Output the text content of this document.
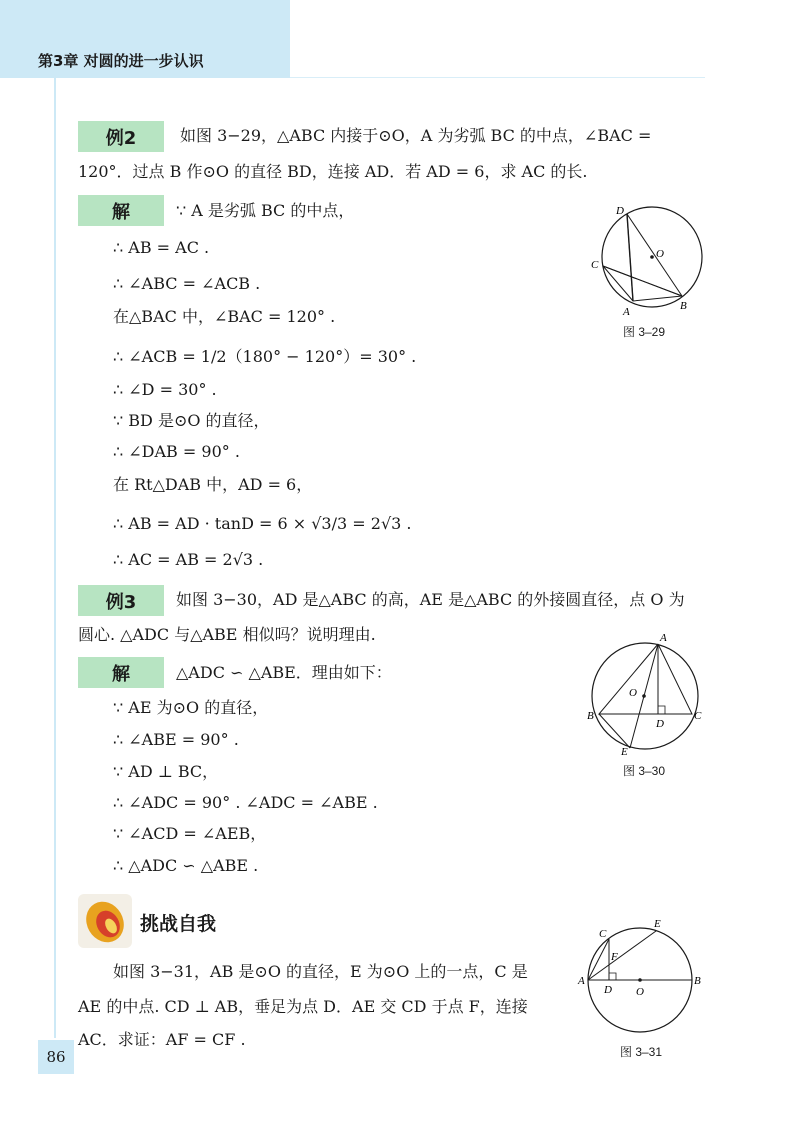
第3章 对圆的进一步认识
例2	如图 3−29，△ABC 内接于⊙O，A 为劣弧 BC 的中点，∠BAC =
120°．过点 B 作⊙O 的直径 BD，连接 AD．若 AD = 6，求 AC 的长.
解	∵ A 是劣弧 BC 的中点，
∴ AB = AC .
∴ ∠ABC = ∠ACB .
在△BAC 中，∠BAC = 120° .
∴ ∠ACB = 1/2（180° − 120°）= 30° .
∴ ∠D = 30° .
∵ BD 是⊙O 的直径，
∴ ∠DAB = 90° .
在 Rt△DAB 中，AD = 6，
∴ AB = AD · tanD = 6 × √3/3 = 2√3 .
∴ AC = AB = 2√3 .
D
C
O
A	B
图 3–29
例3	如图 3−30，AD 是△ABC 的高，AE 是△ABC 的外接圆直径，点 O 为
圆心. △ADC 与△ABE 相似吗？说明理由.
解	△ADC ∽ △ABE．理由如下：
∵ AE 为⊙O 的直径，
∴ ∠ABE = 90° .
∵ AD ⊥ BC，
∴ ∠ADC = 90° . ∠ADC = ∠ABE .
∵ ∠ACD = ∠AEB，
∴ △ADC ∽ △ABE .
A
O
B
D
C
E
图 3–30
挑战自我
如图 3−31，AB 是⊙O 的直径，E 为⊙O 上的一点，C 是
AE 的中点. CD ⊥ AB，垂足为点 D．AE 交 CD 于点 F，连接
AC．求证：AF = CF .
C
E
F
A
D O
B
图 3–31
86
